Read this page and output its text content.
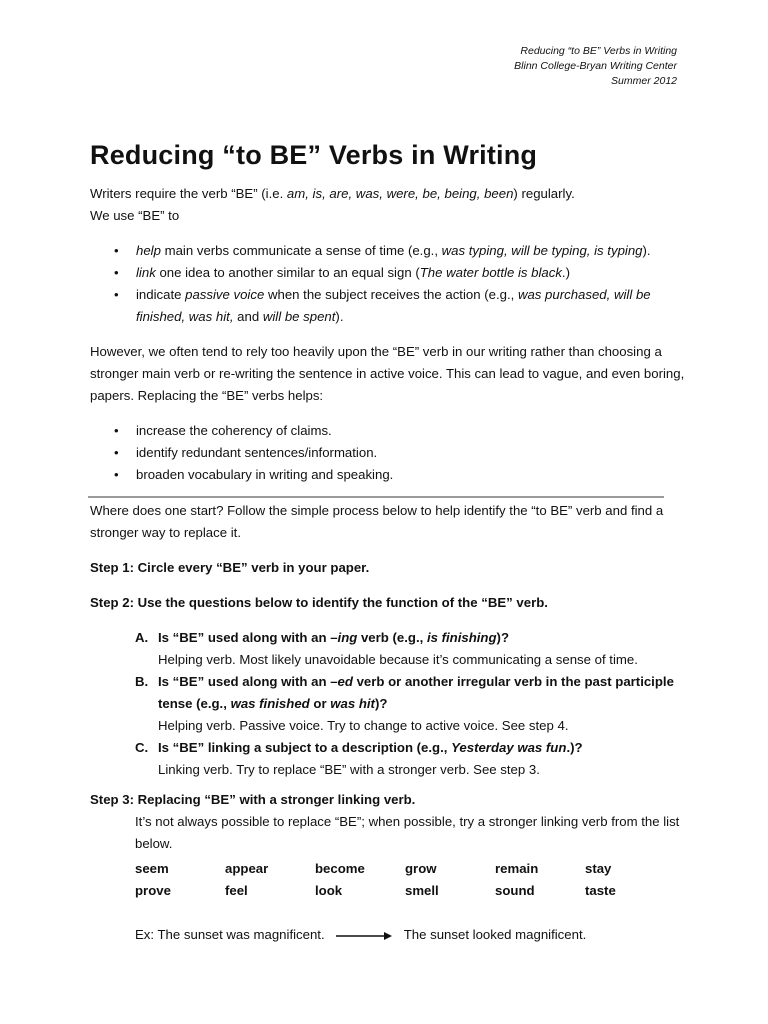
Reducing “to BE” Verbs in Writing
Blinn College-Bryan Writing Center
Summer 2012
Reducing “to BE” Verbs in Writing

Writers require the verb “BE” (i.e. am, is, are, was, were, be, being, been) regularly.

We use “BE” to

• help main verbs communicate a sense of time (e.g., was typing, will be typing, is typing).
• link one idea to another similar to an equal sign (The water bottle is black.)
• indicate passive voice when the subject receives the action (e.g., was purchased, will be finished, was hit, and will be spent).

However, we often tend to rely too heavily upon the “BE” verb in our writing rather than choosing a stronger main verb or re-writing the sentence in active voice. This can lead to vague, and even boring, papers. Replacing the “BE” verbs helps:

• increase the coherency of claims.
• identify redundant sentences/information.
• broaden vocabulary in writing and speaking.

Where does one start? Follow the simple process below to help identify the “to BE” verb and find a stronger way to replace it.

Step 1: Circle every “BE” verb in your paper.

Step 2: Use the questions below to identify the function of the “BE” verb.

A. Is “BE” used along with an –ing verb (e.g., is finishing)?
Helping verb. Most likely unavoidable because it’s communicating a sense of time.
B. Is “BE” used along with an –ed verb or another irregular verb in the past participle tense (e.g., was finished or was hit)?
Helping verb. Passive voice. Try to change to active voice. See step 4.
C. Is “BE” linking a subject to a description (e.g., Yesterday was fun.)?
Linking verb. Try to replace “BE” with a stronger verb. See step 3.

Step 3: Replacing “BE” with a stronger linking verb.

It’s not always possible to replace “BE”; when possible, try a stronger linking verb from the list below.

seem	appear	become	grow	remain	stay
prove	feel	look	smell	sound	taste
Ex: The sunset was magnificent.	The sunset looked magnificent.
